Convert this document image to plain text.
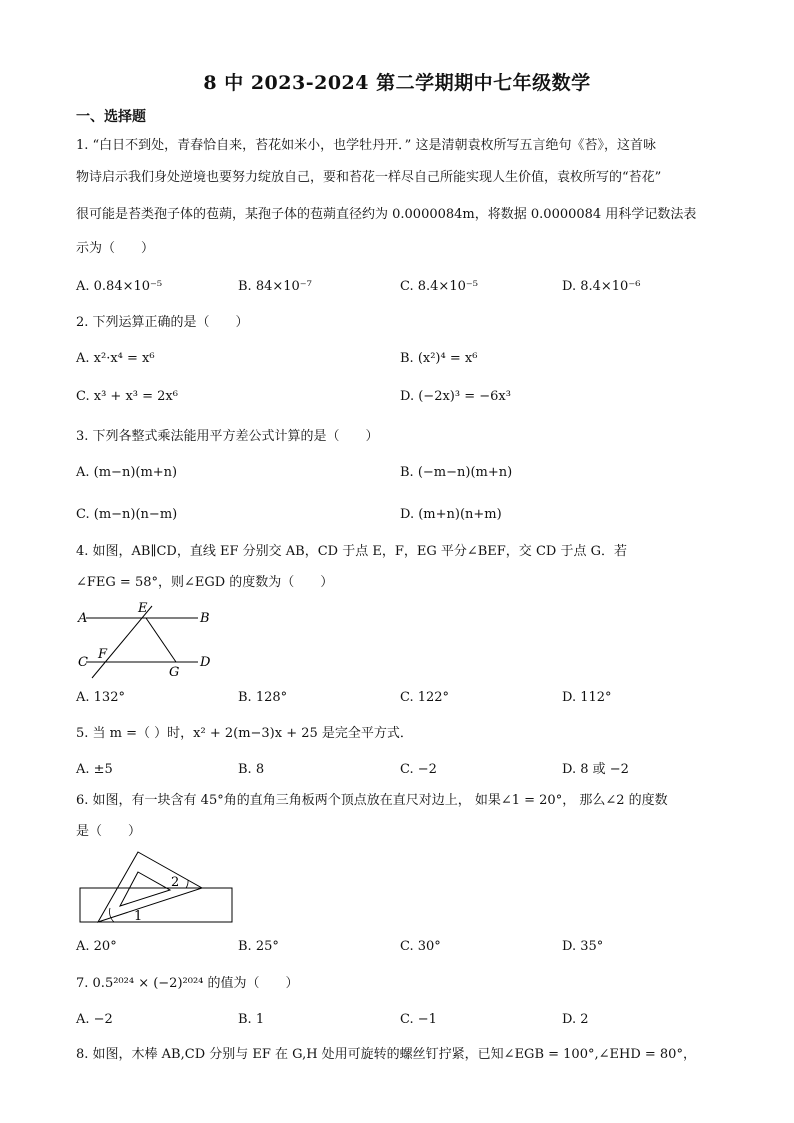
8 中 2023-2024 第二学期期中七年级数学
一、选择题
1. “白日不到处，青春恰自来，苔花如米小，也学牡丹开．” 这是清朝袁枚所写五言绝句《苔》，这首咏
物诗启示我们身处逆境也要努力绽放自己，要和苔花一样尽自己所能实现人生价值，袁枚所写的“苔花”
很可能是苔类孢子体的苞蒴，某孢子体的苞蒴直径约为 0.0000084m，将数据 0.0000084 用科学记数法表
示为（　　）
A. 0.84×10⁻⁵	B. 84×10⁻⁷	C. 8.4×10⁻⁵	D. 8.4×10⁻⁶
2. 下列运算正确的是（　　）
A. x²·x⁴ = x⁶	B. (x²)⁴ = x⁶
C. x³ + x³ = 2x⁶	D. (−2x)³ = −6x³
3. 下列各整式乘法能用平方差公式计算的是（　　）
A. (m−n)(m+n)	B. (−m−n)(m+n)
C. (m−n)(n−m)	D. (m+n)(n+m)
4. 如图，AB∥CD，直线 EF 分别交 AB，CD 于点 E，F，EG 平分∠BEF，交 CD 于点 G．若
∠FEG = 58°，则∠EGD 的度数为（　　）
A	B
C	D
E
F
G
A. 132°	B. 128°	C. 122°	D. 112°
5. 当 m =（ ）时，x² + 2(m−3)x + 25 是完全平方式．
A. ±5	B. 8	C. −2	D. 8 或 −2
6. 如图，有一块含有 45°角的直角三角板两个顶点放在直尺对边上， 如果∠1 = 20°， 那么∠2 的度数
是（　　）
1
2
A. 20°	B. 25°	C. 30°	D. 35°
7. 0.5²⁰²⁴ × (−2)²⁰²⁴ 的值为（　　）
A. −2	B. 1	C. −1	D. 2
8. 如图，木棒 AB,CD 分别与 EF 在 G,H 处用可旋转的螺丝钉拧紧，已知∠EGB = 100°,∠EHD = 80°，
